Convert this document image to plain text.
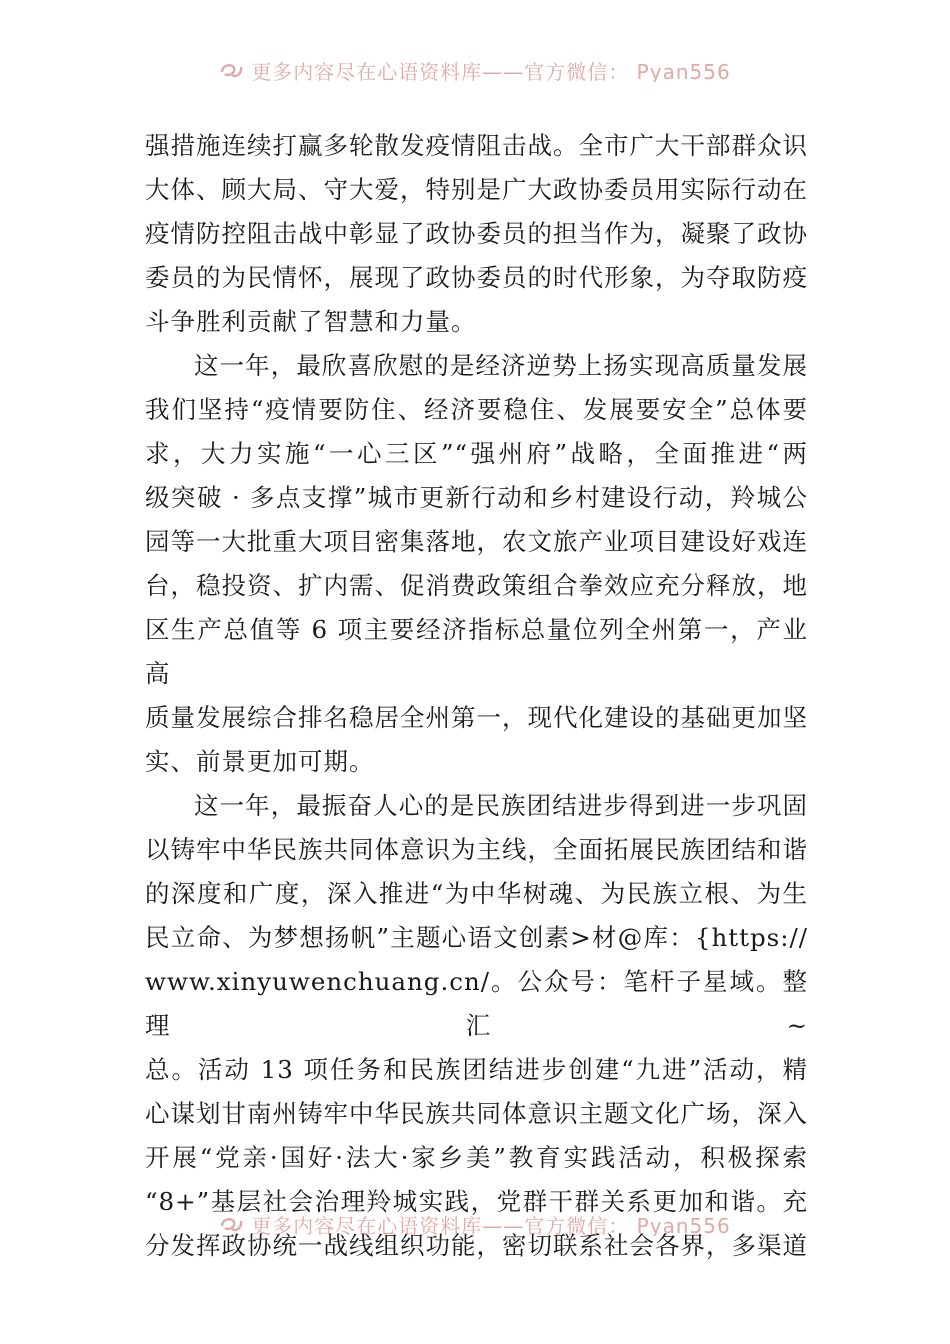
更多内容尽在心语资料库——官方微信： Pyan556

强措施连续打赢多轮散发疫情阻击战。全市广大干部群众识

大体、顾大局、守大爱，特别是广大政协委员用实际行动在

疫情防控阻击战中彰显了政协委员的担当作为，凝聚了政协

委员的为民情怀，展现了政协委员的时代形象，为夺取防疫

斗争胜利贡献了智慧和力量。

这一年，最欣喜欣慰的是经济逆势上扬实现高质量发展

我们坚持“疫情要防住、经济要稳住、发展要安全”总体要

求，大力实施“一心三区”“强州府”战略，全面推进“两

级突破 · 多点支撑”城市更新行动和乡村建设行动，羚城公

园等一大批重大项目密集落地，农文旅产业项目建设好戏连

台，稳投资、扩内需、促消费政策组合拳效应充分释放，地

区生产总值等 6 项主要经济指标总量位列全州第一，产业高

质量发展综合排名稳居全州第一，现代化建设的基础更加坚

实、前景更加可期。

这一年，最振奋人心的是民族团结进步得到进一步巩固

以铸牢中华民族共同体意识为主线，全面拓展民族团结和谐

的深度和广度，深入推进“为中华树魂、为民族立根、为生

民立命、为梦想扬帆”主题心语文创素>材@库：{https://

www.xinyuwenchuang.cn/。公众号：笔杆子星域。整理汇~

总。活动 13 项任务和民族团结进步创建“九进”活动，精

心谋划甘南州铸牢中华民族共同体意识主题文化广场，深入

开展“党亲·国好·法大·家乡美”教育实践活动，积极探索

“8+”基层社会治理羚城实践，党群干群关系更加和谐。充

分发挥政协统一战线组织功能，密切联系社会各界，多渠道

更多内容尽在心语资料库——官方微信： Pyan556
